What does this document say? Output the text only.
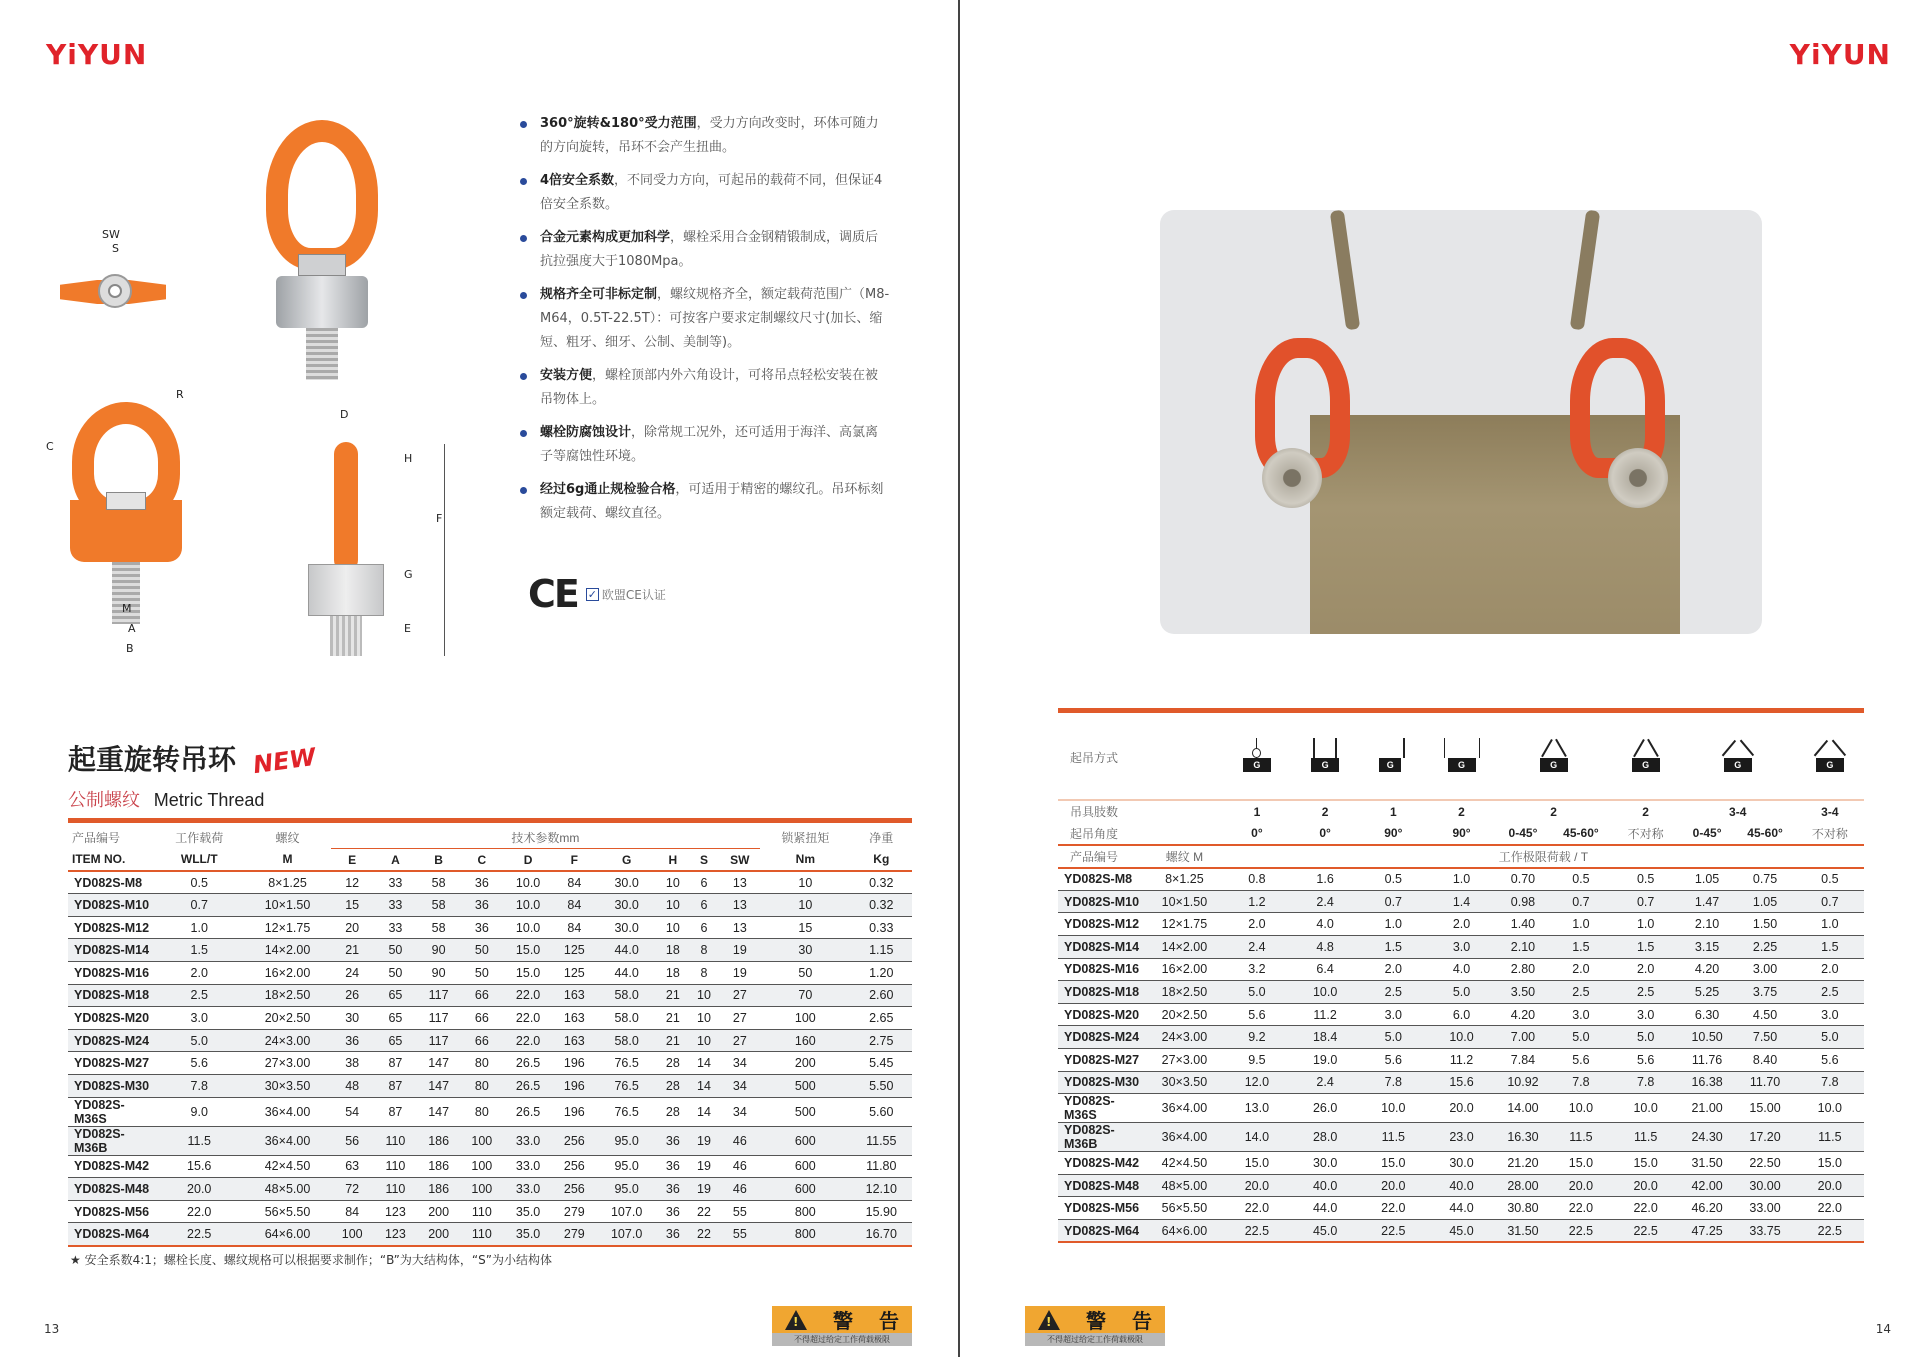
YiYUN
SW
S
R
C
M
A
B
D
H
F
G
E
360°旋转&180°受力范围，受力方向改变时，环体可随力的方向旋转，吊环不会产生扭曲。
4倍安全系数，不同受力方向，可起吊的载荷不同，但保证4倍安全系数。
合金元素构成更加科学，螺栓采用合金钢精锻制成，调质后抗拉强度大于1080Mpa。
规格齐全可非标定制，螺纹规格齐全，额定载荷范围广（M8-M64，0.5T-22.5T）：可按客户要求定制螺纹尺寸(加长、缩短、粗牙、细牙、公制、美制等)。
安装方便，螺栓顶部内外六角设计，可将吊点轻松安装在被吊物体上。
螺栓防腐蚀设计，除常规工况外，还可适用于海洋、高氯离子等腐蚀性环境。
经过6g通止规检验合格，可适用于精密的螺纹孔。吊环标刻额定载荷、螺纹直径。
CE ✓ 欧盟CE认证
起重旋转吊环 NEW
公制螺纹 Metric Thread
产品编号	工作载荷	螺纹	技术参数mm										锁紧扭矩	净重
ITEM NO.	WLL/T	M	E	A	B	C	D	F	G	H	S	SW	Nm	Kg
YD082S-M8	0.5	8×1.25	12	33	58	36	10.0	84	30.0	10	6	13	10	0.32
YD082S-M10	0.7	10×1.50	15	33	58	36	10.0	84	30.0	10	6	13	10	0.32
YD082S-M12	1.0	12×1.75	20	33	58	36	10.0	84	30.0	10	6	13	15	0.33
YD082S-M14	1.5	14×2.00	21	50	90	50	15.0	125	44.0	18	8	19	30	1.15
YD082S-M16	2.0	16×2.00	24	50	90	50	15.0	125	44.0	18	8	19	50	1.20
YD082S-M18	2.5	18×2.50	26	65	117	66	22.0	163	58.0	21	10	27	70	2.60
YD082S-M20	3.0	20×2.50	30	65	117	66	22.0	163	58.0	21	10	27	100	2.65
YD082S-M24	5.0	24×3.00	36	65	117	66	22.0	163	58.0	21	10	27	160	2.75
YD082S-M27	5.6	27×3.00	38	87	147	80	26.5	196	76.5	28	14	34	200	5.45
YD082S-M30	7.8	30×3.50	48	87	147	80	26.5	196	76.5	28	14	34	500	5.50
YD082S-M36S	9.0	36×4.00	54	87	147	80	26.5	196	76.5	28	14	34	500	5.60
YD082S-M36B	11.5	36×4.00	56	110	186	100	33.0	256	95.0	36	19	46	600	11.55
YD082S-M42	15.6	42×4.50	63	110	186	100	33.0	256	95.0	36	19	46	600	11.80
YD082S-M48	20.0	48×5.00	72	110	186	100	33.0	256	95.0	36	19	46	600	12.10
YD082S-M56	22.0	56×5.50	84	123	200	110	35.0	279	107.0	36	22	55	800	15.90
YD082S-M64	22.5	64×6.00	100	123	200	110	35.0	279	107.0	36	22	55	800	16.70
★ 安全系数4:1；螺栓长度、螺纹规格可以根据要求制作；“B”为大结构体，“S”为小结构体
13 !	警 告
不得超过给定工作荷载极限
YiYUN
起吊方式		G	G	G	G	G		G	G		G

吊具肢数		1	2	1	2	2		2	3-4		3-4
起吊角度		0°	0°	90°	90°	0-45°	45-60°	不对称	0-45°	45-60°	不对称
产品编号	螺纹 M	工作极限荷载 / T									
YD082S-M8	8×1.25	0.8	1.6	0.5	1.0	0.70	0.5	0.5	1.05	0.75	0.5
YD082S-M10	10×1.50	1.2	2.4	0.7	1.4	0.98	0.7	0.7	1.47	1.05	0.7
YD082S-M12	12×1.75	2.0	4.0	1.0	2.0	1.40	1.0	1.0	2.10	1.50	1.0
YD082S-M14	14×2.00	2.4	4.8	1.5	3.0	2.10	1.5	1.5	3.15	2.25	1.5
YD082S-M16	16×2.00	3.2	6.4	2.0	4.0	2.80	2.0	2.0	4.20	3.00	2.0
YD082S-M18	18×2.50	5.0	10.0	2.5	5.0	3.50	2.5	2.5	5.25	3.75	2.5
YD082S-M20	20×2.50	5.6	11.2	3.0	6.0	4.20	3.0	3.0	6.30	4.50	3.0
YD082S-M24	24×3.00	9.2	18.4	5.0	10.0	7.00	5.0	5.0	10.50	7.50	5.0
YD082S-M27	27×3.00	9.5	19.0	5.6	11.2	7.84	5.6	5.6	11.76	8.40	5.6
YD082S-M30	30×3.50	12.0	2.4	7.8	15.6	10.92	7.8	7.8	16.38	11.70	7.8
YD082S-M36S	36×4.00	13.0	26.0	10.0	20.0	14.00	10.0	10.0	21.00	15.00	10.0
YD082S-M36B	36×4.00	14.0	28.0	11.5	23.0	16.30	11.5	11.5	24.30	17.20	11.5
YD082S-M42	42×4.50	15.0	30.0	15.0	30.0	21.20	15.0	15.0	31.50	22.50	15.0
YD082S-M48	48×5.00	20.0	40.0	20.0	40.0	28.00	20.0	20.0	42.00	30.00	20.0
YD082S-M56	56×5.50	22.0	44.0	22.0	44.0	30.80	22.0	22.0	46.20	33.00	22.0
YD082S-M64	64×6.00	22.5	45.0	22.5	45.0	31.50	22.5	22.5	47.25	33.75	22.5
14
!
警 告
不得超过给定工作荷载极限
